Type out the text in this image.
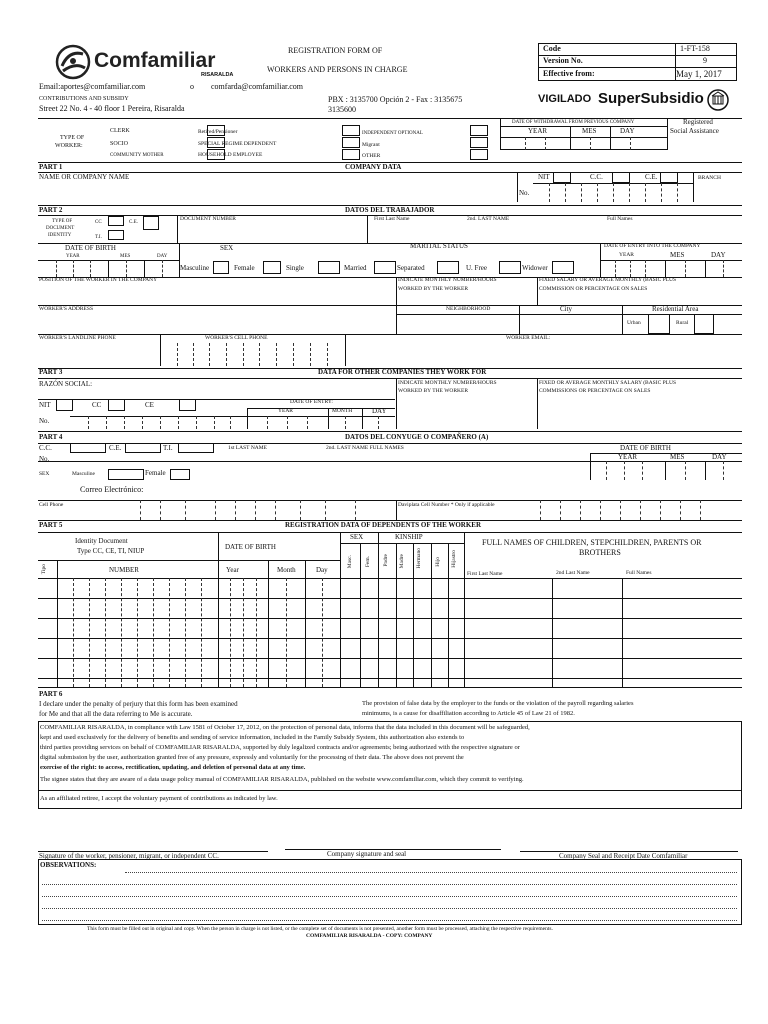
Comfamiliar
RISARALDA
REGISTRATION FORM OF
WORKERS AND PERSONS IN CHARGE
Code	1-FT-158
Version No.	9
Effective from:	May 1, 2017
Email:aportes@comfamiliar.com	o comfarda@comfamiliar.com
CONTRIBUTIONS AND SUBSIDY
Street 22 No. 4 - 40 floor 1 Pereira, Risaralda
PBX : 3135700 Opción 2 - Fax : 3135675
3135600
VIGILADO SuperSubsidio
TYPE OF
WORKER:
CLERK
SOCIO
COMMUNITY MOTHER
Retired/Pensioner
SPECIAL REGIME DEPENDENT
HOUSEHOLD EMPLOYEE
INDEPENDENT OPTIONAL
Migrant
OTHER
DATE OF WITHDRAWAL FROM PREVIOUS COMPANY
YEAR	MES	DAY
Registered
Social Assistance
PART 1	COMPANY DATA
NAME OR COMPANY NAME
No.
NIT	C.C.	C.E.	BRANCH
PART 2	DATOS DEL TRABAJADOR
TYPE OF
DOCUMENT
IDENTITY
CC	C.E.
T.I.
DOCUMENT NUMBER	First Last Name	2nd. LAST NAME	Full Names
DATE OF BIRTH
YEAR	MES	DAY
SEX
Masculine	Female
MARITAL STATUS
Single	Married	Separated	U. Free	Widower
DATE OF ENTRY INTO THE COMPANY
YEAR	MES	DAY
POSITION OF THE WORKER IN THE COMPANY	INDICATE MONTHLY NUMBER/HOURS
WORKED BY THE WORKER
FIXED SALARY OR AVERAGE MONTHLY (BASIC PLUS
COMMISSION OR PERCENTAGE ON SALES
WORKER'S ADDRESS	NEIGHBORHOOD	City	Residential Area
Urban	Rural
WORKER'S LANDLINE PHONE	WORKER'S CELL PHONE	WORKER EMAIL:
PART 3	DATA FOR OTHER COMPANIES THEY WORK FOR
RAZÓN SOCIAL:	INDICATE MONTHLY NUMBER/HOURS
WORKED BY THE WORKER
FIXED OR AVERAGE MONTHLY SALARY (BASIC PLUS
COMMISSIONS OR PERCENTAGE ON SALES
NIT	CC	CE
No.
DATE OF ENTRY:
YEAR	MONTH	DAY
PART 4	DATOS DEL CONYUGE O COMPAÑERO (A)
C.C.	C.E.	T.I.	1st LAST NAME	2nd. LAST NAME FULL NAMES	DATE OF BIRTH
YEAR	MES	DAY
No.
SEX	Masculine	Female
Correo Electrónico:
Cell Phone	Daviplata Cell Number * Only if applicable
PART 5	REGISTRATION DATA OF DEPENDENTS OF THE WORKER
Identity Document
Type CC, CE, TI, NIUP	DATE OF BIRTH
SEX	KINSHIP
FULL NAMES OF CHILDREN, STEPCHILDREN, PARENTS OR
BROTHERS
Tipo	NUMBER	Year	Month	Day
Masc. Fem. Padre Madre Hermano Hijo Hijastro
First Last Name	2nd Last Name	Full Names
PART 6
I declare under the penalty of perjury that this form has been examined
for Me and that all the data referring to Me is accurate.
The provision of false data by the employer to the funds or the violation of the payroll regarding salaries
minimums, is a cause for disaffiliation according to Article 45 of Law 21 of 1982.
COMFAMILIAR RISARALDA, in compliance with Law 1581 of October 17, 2012, on the protection of personal data, informs that the data included in this document will be safeguarded,
kept and used exclusively for the delivery of benefits and sending of service information, included in the Family Subsidy System, this authorization also extends to
third parties providing services on behalf of COMFAMILIAR RISARALDA, supported by duly legalized contracts and/or agreements; being authorized with the respective signature or
digital submission by the user, authorization granted free of any pressure, expressly and voluntarily for the processing of their data. The above does not prevent the
exercise of the right: to access, rectification, updating, and deletion of personal data at any time.
The signee states that they are aware of a data usage policy manual of COMFAMILIAR RISARALDA, published on the website www.comfamiliar.com, which they commit to verifying.
As an affiliated retiree, I accept the voluntary payment of contributions as indicated by law.
Signature of the worker, pensioner, migrant, or independent CC.	Company signature and seal	Company Seal and Receipt Date Comfamiliar
OBSERVATIONS:
This form must be filled out in original and copy. When the person in charge is not listed, or the complete set of documents is not presented, another form must be processed, attaching the respective requirements.
COMFAMILIAR RISARALDA - COPY: COMPANY
